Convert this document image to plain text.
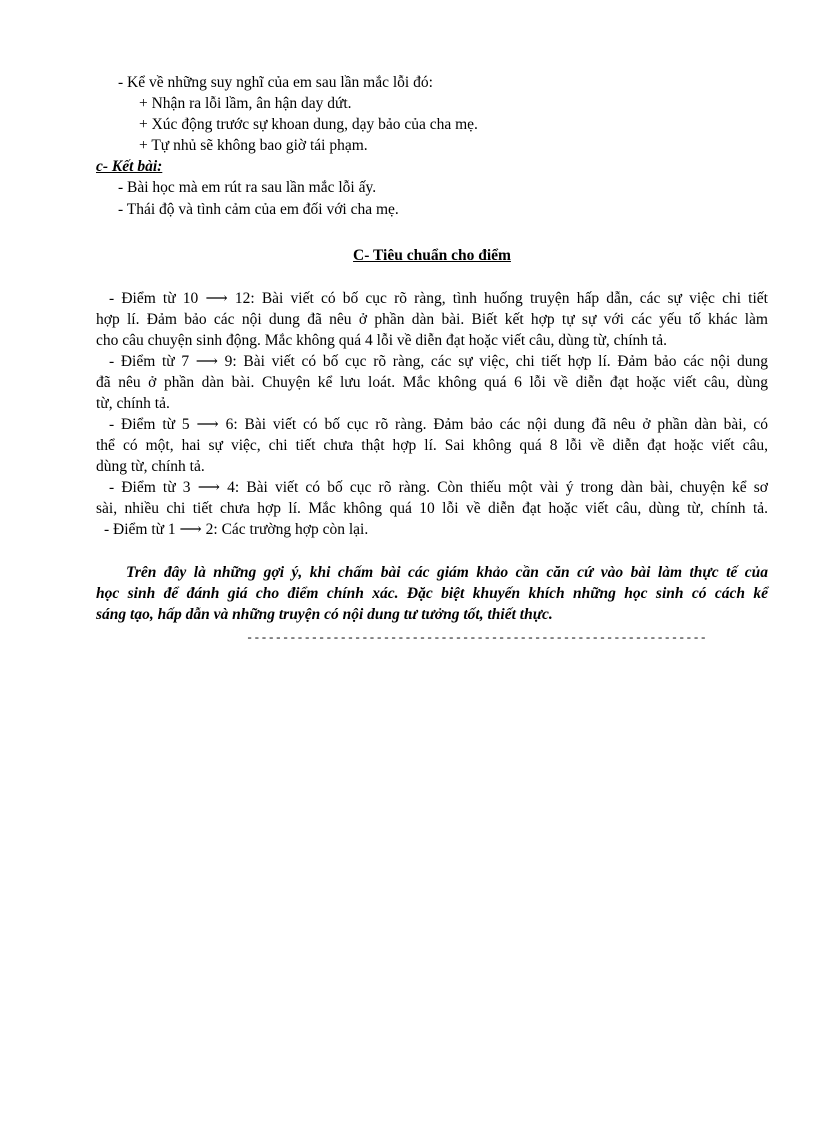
- Kể về những suy nghĩ của em sau lần mắc lỗi đó:

+ Nhận ra lỗi lầm, ân hận day dứt.

+ Xúc động trước sự khoan dung, dạy bảo của cha mẹ.

+ Tự nhủ sẽ không bao giờ tái phạm.

c- Kết bài:

- Bài học mà em rút ra sau lần mắc lỗi ấy.

- Thái độ và tình cảm của em đối với cha mẹ.

C- Tiêu chuẩn cho điểm

- Điểm từ 10 ⟶ 12: Bài viết có bố cục rõ ràng, tình huống truyện hấp dẫn, các sự việc chi tiết

hợp lí. Đảm bảo các nội dung đã nêu ở phần dàn bài. Biết kết hợp tự sự với các yếu tố khác làm

cho câu chuyện sinh động. Mắc không quá 4 lỗi về diễn đạt hoặc viết câu, dùng từ, chính tả.

- Điểm từ 7 ⟶ 9: Bài viết có bố cục rõ ràng, các sự việc, chi tiết hợp lí. Đảm bảo các nội dung

đã nêu ở phần dàn bài. Chuyện kể lưu loát. Mắc không quá 6 lỗi về diễn đạt hoặc viết câu, dùng

từ, chính tả.

- Điểm từ 5 ⟶ 6: Bài viết có bố cục rõ ràng. Đảm bảo các nội dung đã nêu ở phần dàn bài, có

thể có một, hai sự việc, chi tiết chưa thật hợp lí. Sai không quá 8 lỗi về diễn đạt hoặc viết câu,

dùng từ, chính tả.

- Điểm từ 3 ⟶ 4: Bài viết có bố cục rõ ràng. Còn thiếu một vài ý trong dàn bài, chuyện kể sơ

sài, nhiều chi tiết chưa hợp lí. Mắc không quá 10 lỗi về diễn đạt hoặc viết câu, dùng từ, chính tả.

- Điểm từ 1 ⟶ 2: Các trường hợp còn lại.

Trên đây là những gợi ý, khi chấm bài các giám khảo cần căn cứ vào bài làm thực tế của

học sinh để đánh giá cho điểm chính xác. Đặc biệt khuyến khích những học sinh có cách kể

sáng tạo, hấp dẫn và những truyện có nội dung tư tưởng tốt, thiết thực.

----------------------------------------------------------------
